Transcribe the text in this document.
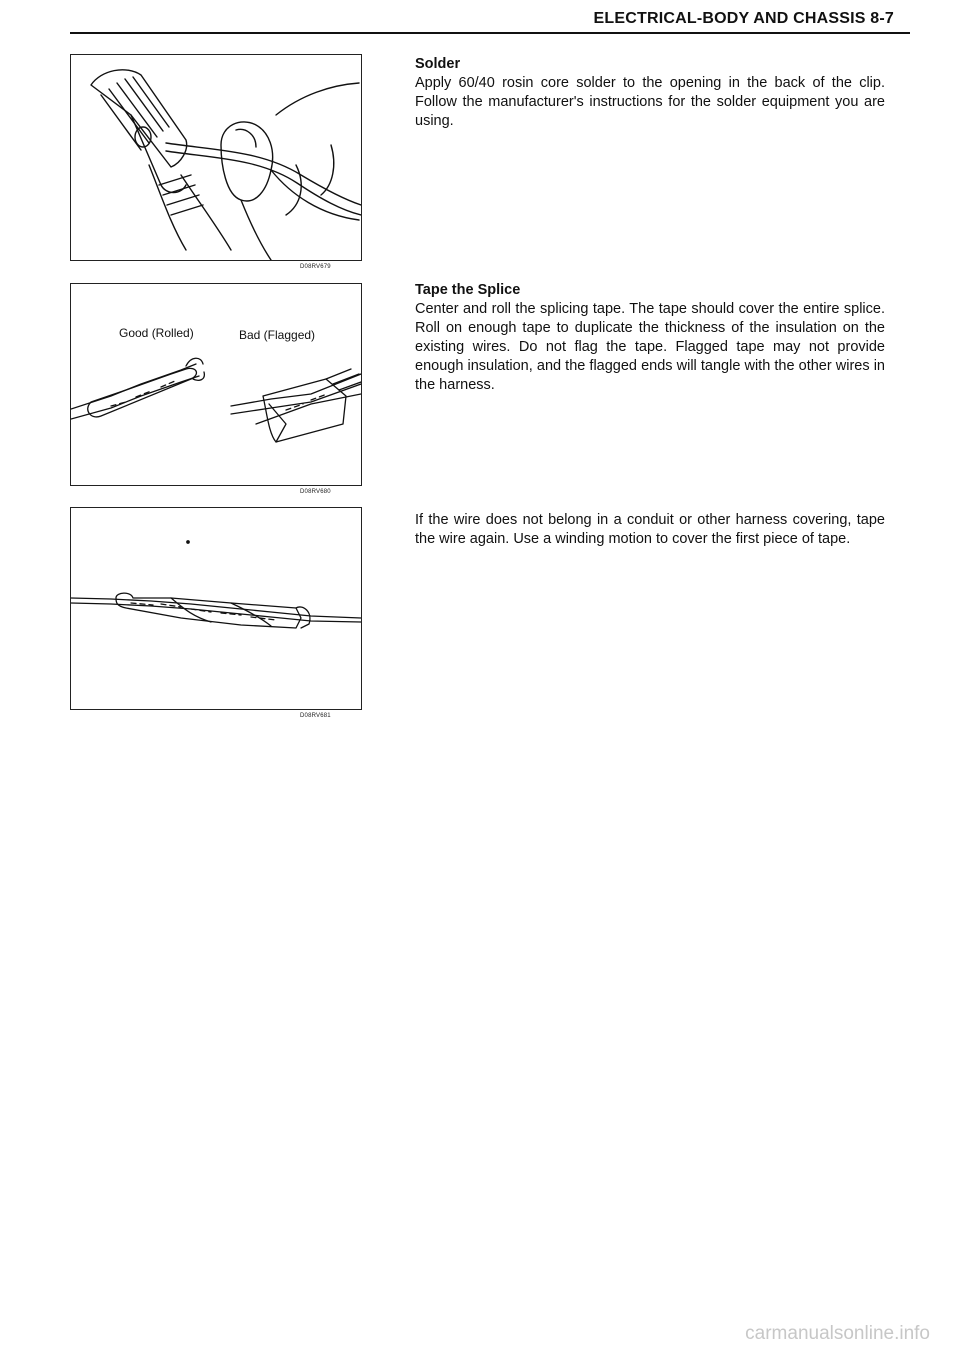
ELECTRICAL-BODY AND CHASSIS 8-7
D08RV679
Good (Rolled)	Bad (Flagged)
D08RV680
D08RV681
Solder

Apply 60/40 rosin core solder to the opening in the back of the clip. Follow the manufacturer's instructions for the solder equipment you are using.

Tape the Splice

Center and roll the splicing tape. The tape should cover the entire splice. Roll on enough tape to duplicate the thickness of the insulation on the existing wires. Do not flag the tape. Flagged tape may not provide enough insulation, and the flagged ends will tangle with the other wires in the harness.

If the wire does not belong in a conduit or other harness covering, tape the wire again. Use a winding motion to cover the first piece of tape.

carmanualsonline.info
